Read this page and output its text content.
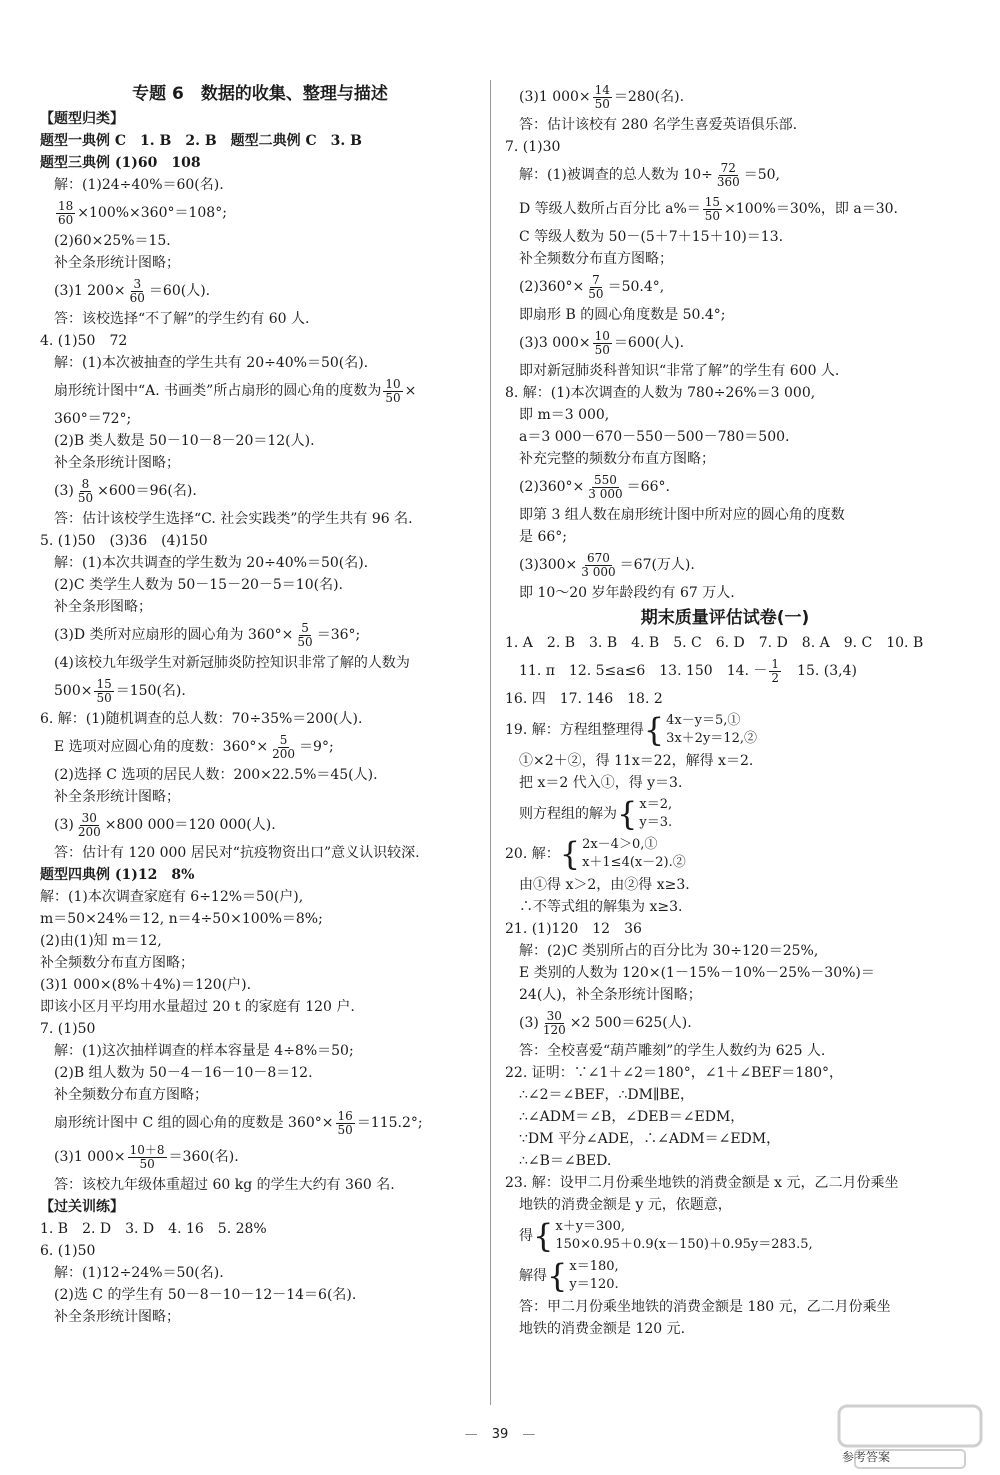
专题 6　数据的收集、整理与描述
【题型归类】
题型一典例 C　1. B　2. B　题型二典例 C　3. B
题型三典例 (1)60　108
解：(1)24÷40%＝60(名).
$\frac{18}{60} \times 100\%\times 360^\circ=108^\circ$;
(2)60×25%＝15.
补全条形统计图略；
(3)1 $200\times \frac{3}{60} =60$(人).
答：该校选择“不了解”的学生约有 60 人.
4. (1)50　72
解：(1)本次被抽查的学生共有 20÷40%＝50(名).
扇形统计图中“A. 书画类”所占扇形的圆心角的度数为 $\frac{10}{50}$ ×
360°＝72°;
(2)B 类人数是 50－10－8－20＝12(人).
补全条形统计图略；
$(3) \frac{8}{50} \times 600=96$(名).
答：估计该校学生选择“C. 社会实践类”的学生共有 96 名.
5. (1)50　(3)36　(4)150
解：(1)本次共调查的学生数为 20÷40%＝50(名).
(2)C 类学生人数为 50－15－20－5＝10(名).
补全条形图略；
(3)D 类所对应扇形的圆心角为 $360^\circ\times \frac{5}{50} =36^\circ$;
(4)该校九年级学生对新冠肺炎防控知识非常了解的人数为
$500\times \frac{15}{50} =150$(名).
6. 解：(1)随机调查的总人数：70÷35%＝200(人).
E 选项对应圆心角的度数：$360^\circ\times \frac{5}{200} =9^\circ$;
(2)选择 C 选项的居民人数：200×22.5%＝45(人).
补全条形统计图略；
$(3) \frac{30}{200} \times 800$ 000＝120 000(人).
答：估计有 120 000 居民对“抗疫物资出口”意义认识较深.
题型四典例 (1)12　8%
解：(1)本次调查家庭有 6÷12%＝50(户),
m＝50×24%＝12, n＝4÷50×100%＝8%;
(2)由(1)知 m＝12,
补全频数分布直方图略；
(3)1 000×(8%＋4%)＝120(户).
即该小区月平均用水量超过 20 t 的家庭有 120 户.
7. (1)50
解：(1)这次抽样调查的样本容量是 4÷8%＝50;
(2)B 组人数为 50－4－16－10－8＝12.
补全频数分布直方图略；
扇形统计图中 C 组的圆心角的度数是 $360^\circ\times \frac{16}{50} =115.2^\circ$;
(3)1 $000\times \frac{10+8}{50} =360$(名).
答：该校九年级体重超过 60 kg 的学生大约有 360 名.
【过关训练】
1. B　2. D　3. D　4. 16　5. 28%
6. (1)50
解：(1)12÷24%＝50(名).
(2)选 C 的学生有 50－8－10－12－14＝6(名).
补全条形统计图略；
(3)1 $000\times \frac{14}{50} =280$(名).
答：估计该校有 280 名学生喜爱英语俱乐部.
7. (1)30
解：(1)被调查的总人数为 $10\div \frac{72}{360} =50$,
D 等级人数所占百分比 $a\%= \frac{15}{50} \times 100\%=30\%$，即 a＝30.
C 等级人数为 50－(5＋7＋15＋10)＝13.
补全频数分布直方图略；
$(2)360^\circ\times \frac{7}{50} =50.4^\circ$,
即扇形 B 的圆心角度数是 50.4°;
(3)3 $000\times \frac{10}{50} =600$(人).
即对新冠肺炎科普知识“非常了解”的学生有 600 人.
8. 解：(1)本次调查的人数为 780÷26%＝3 000,
即 m＝3 000,
a＝3 000－670－550－500－780＝500.
补充完整的频数分布直方图略；
$(2)360^\circ\times \frac{550}{3 000} =66^\circ$.
即第 3 组人数在扇形统计图中所对应的圆心角的度数
是 66°;
$(3)300\times \frac{670}{3 000} =67$(万人).
即 10～20 岁年龄段约有 67 万人.
期末质量评估试卷(一)
1. A　2. B　3. B　4. B　5. C　6. D　7. D　8. A　9. C　10. B
11. π　12. 5≤a≤6　13. 150　14. － $\frac{1}{2}$ 　15. (3,4)
16. 四　17. 146　18. 2
19. 解：方程组整理得 { 4x－y＝5,①
3x＋2y＝12,②
①×2＋②，得 11x＝22，解得 x＝2.
把 x＝2 代入①，得 y＝3.
　则方程组的解为 { x＝2,
y＝3.
20. 解： { 2x－4＞0,①
x＋1≤4(x－2).②
由①得 x＞2，由②得 x≥3.
∴不等式组的解集为 x≥3.
21. (1)120　12　36
解：(2)C 类别所占的百分比为 30÷120＝25%,
E 类别的人数为 120×(1－15%－10%－25%－30%)＝
24(人)，补全条形统计图略；
$(3) \frac{30}{120} \times 2$ 500＝625(人).
答：全校喜爱“葫芦雕刻”的学生人数约为 625 人.
22. 证明：∵∠1＋∠2＝180°，∠1＋∠BEF＝180°，
∴∠2＝∠BEF，∴DM∥BE，
∴∠ADM＝∠B，∠DEB＝∠EDM，
∵DM 平分∠ADE，∴∠ADM＝∠EDM，
∴∠B＝∠BED.
23. 解：设甲二月份乘坐地铁的消费金额是 x 元，乙二月份乘坐
地铁的消费金额是 y 元，依题意，
　得 { x＋y＝300,
150×0.95＋0.9(x－150)＋0.95y＝283.5,
　解得 { x＝180,
y＝120.
答：甲二月份乘坐地铁的消费金额是 180 元，乙二月份乘坐
地铁的消费金额是 120 元.
— 39 —
参考答案
